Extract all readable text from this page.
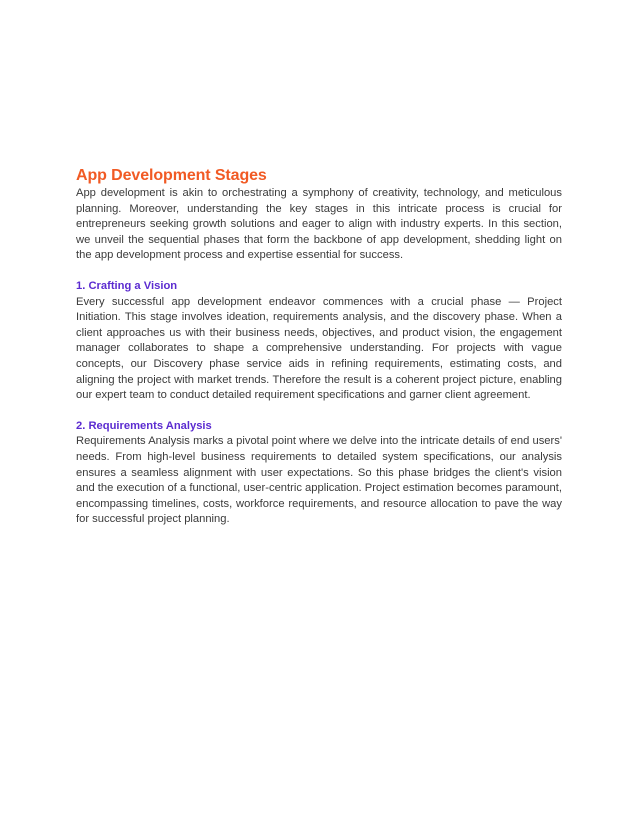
App Development Stages

App development is akin to orchestrating a symphony of creativity, technology, and meticulous planning. Moreover, understanding the key stages in this intricate process is crucial for entrepreneurs seeking growth solutions and eager to align with industry experts. In this section, we unveil the sequential phases that form the backbone of app development, shedding light on the app development process and expertise essential for success.

1. Crafting a Vision

Every successful app development endeavor commences with a crucial phase — Project Initiation. This stage involves ideation, requirements analysis, and the discovery phase. When a client approaches us with their business needs, objectives, and product vision, the engagement manager collaborates to shape a comprehensive understanding. For projects with vague concepts, our Discovery phase service aids in refining requirements, estimating costs, and aligning the project with market trends. Therefore the result is a coherent project picture, enabling our expert team to conduct detailed requirement specifications and garner client agreement.

2. Requirements Analysis

Requirements Analysis marks a pivotal point where we delve into the intricate details of end users' needs. From high-level business requirements to detailed system specifications, our analysis ensures a seamless alignment with user expectations. So this phase bridges the client's vision and the execution of a functional, user-centric application. Project estimation becomes paramount, encompassing timelines, costs, workforce requirements, and resource allocation to pave the way for successful project planning.
